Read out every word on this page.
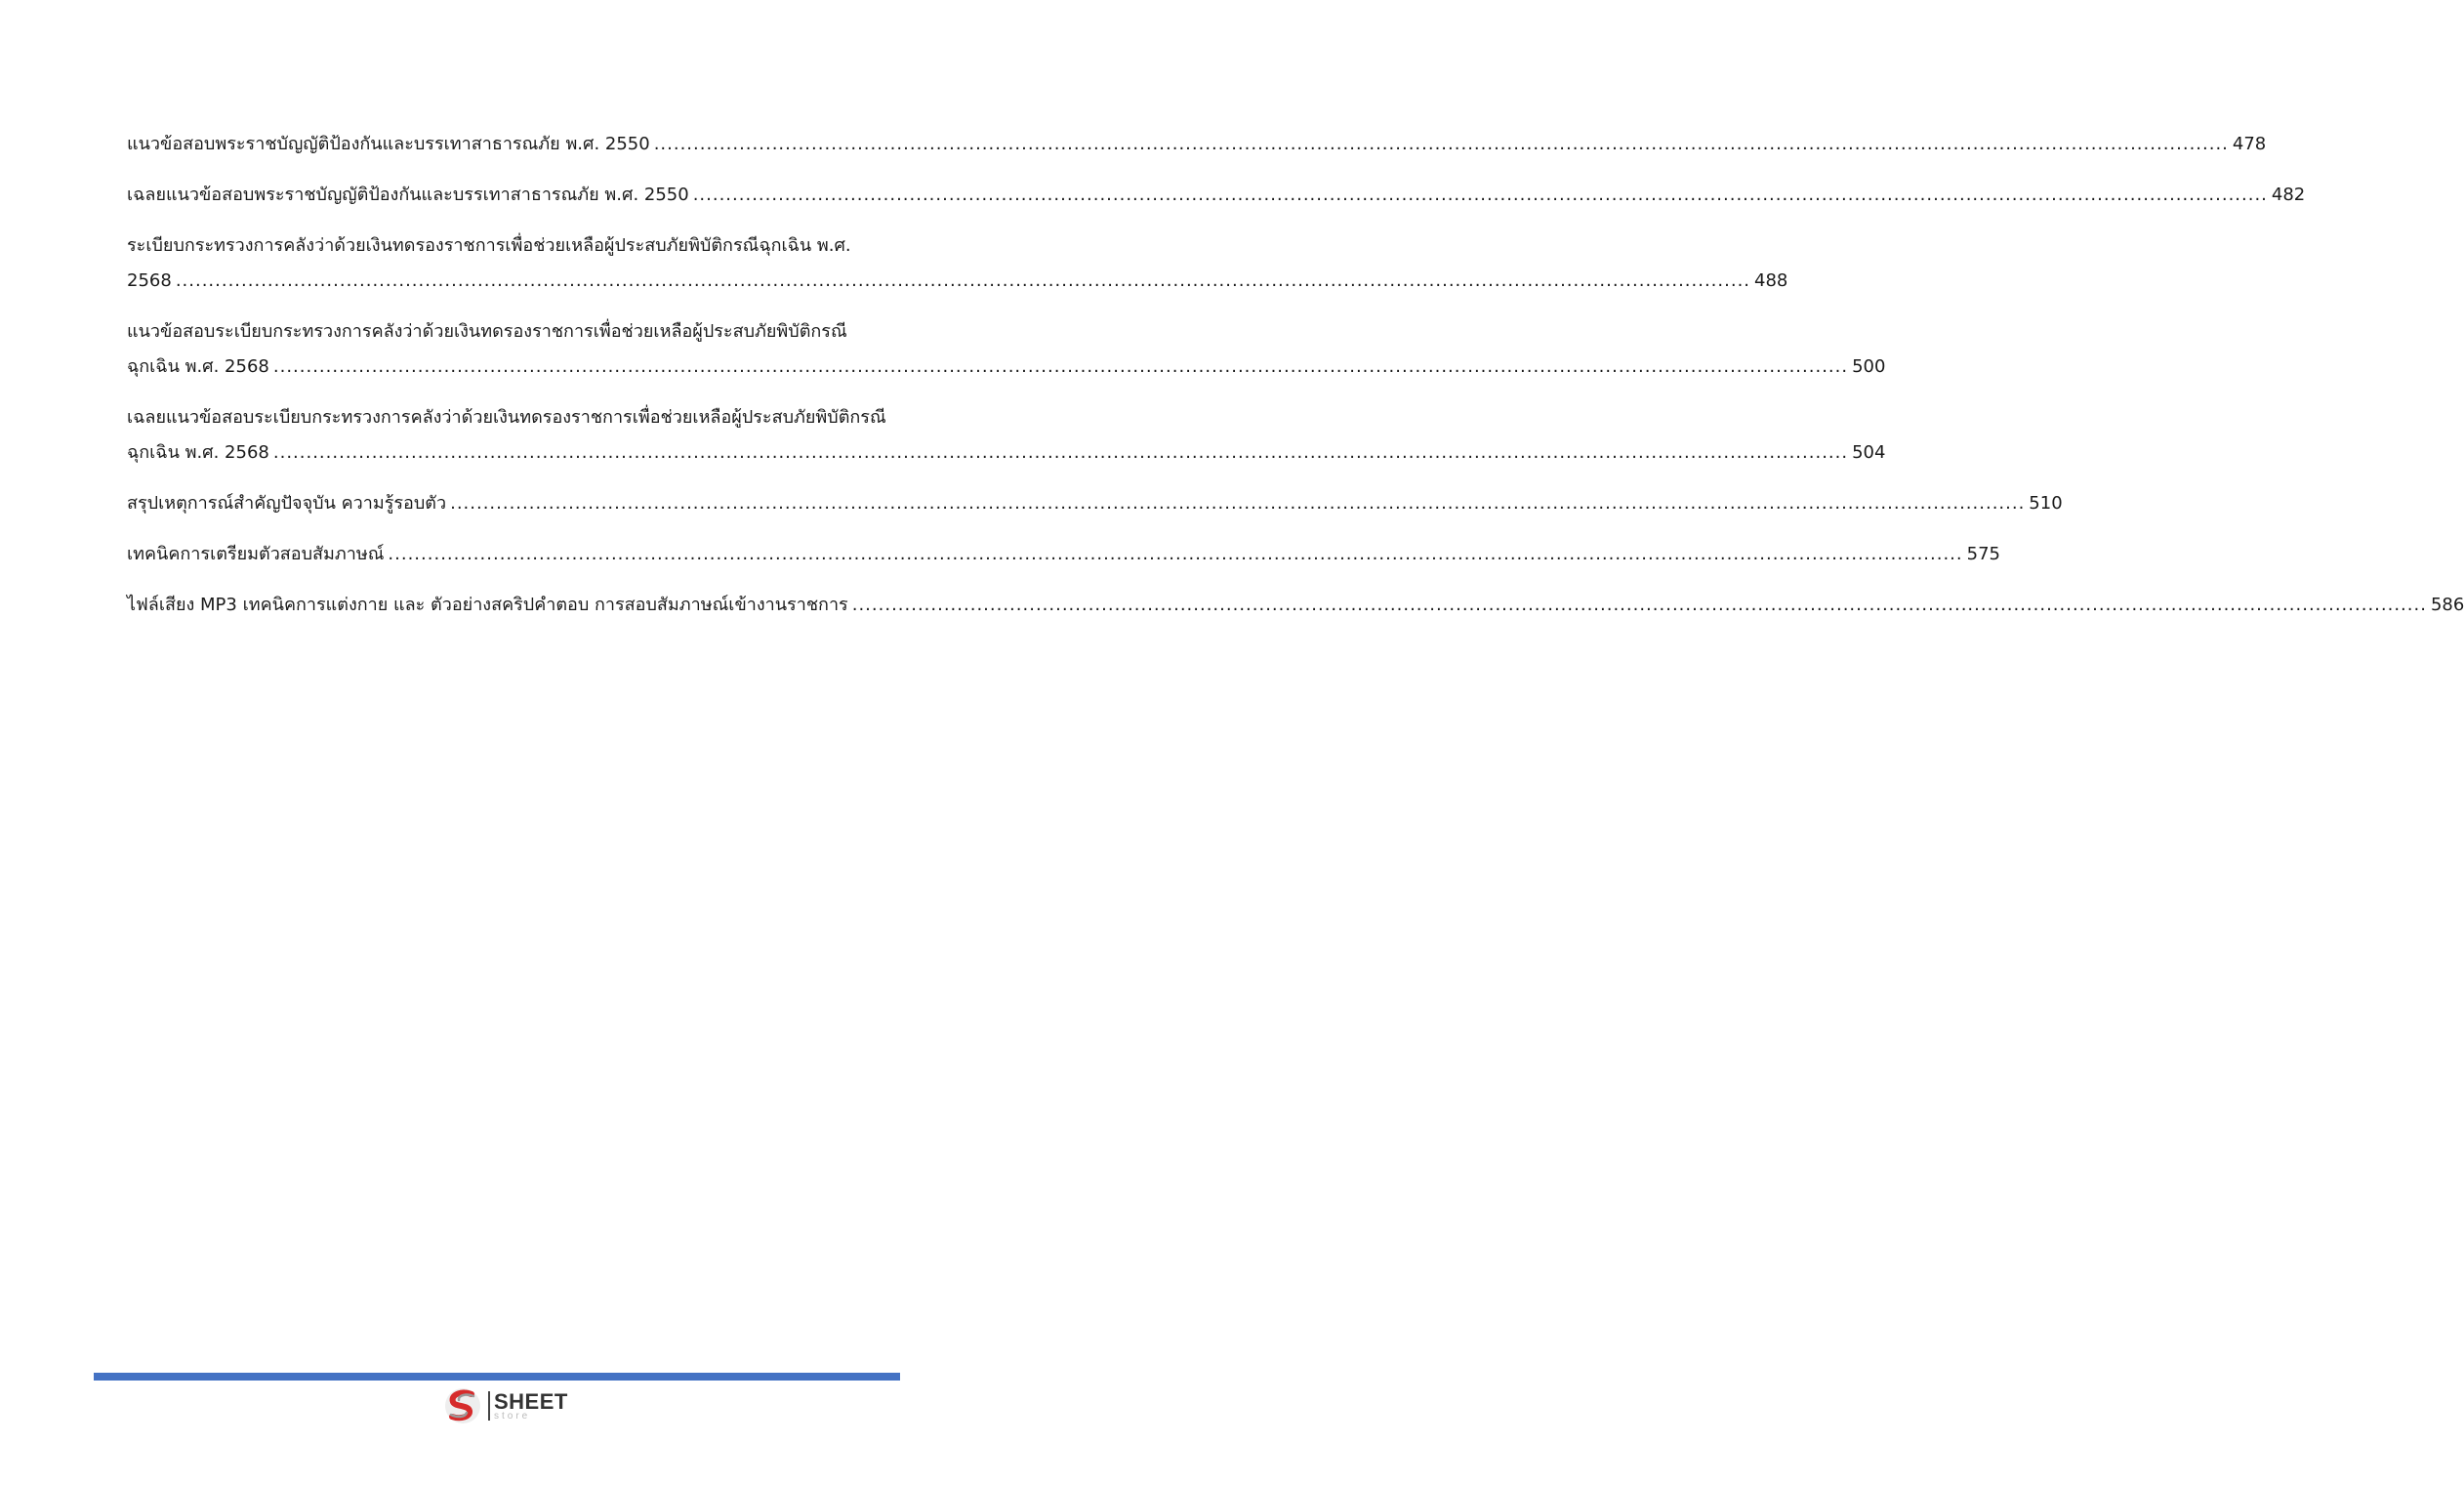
แนวข้อสอบพระราชบัญญัติป้องกันและบรรเทาสาธารณภัย พ.ศ. 2550 .....	478
เฉลยแนวข้อสอบพระราชบัญญัติป้องกันและบรรเทาสาธารณภัย พ.ศ. 2550 .....	482
ระเบียบกระทรวงการคลังว่าด้วยเงินทดรองราชการเพื่อช่วยเหลือผู้ประสบภัยพิบัติกรณีฉุกเฉิน พ.ศ.
2568 .....	488
แนวข้อสอบระเบียบกระทรวงการคลังว่าด้วยเงินทดรองราชการเพื่อช่วยเหลือผู้ประสบภัยพิบัติกรณี
ฉุกเฉิน พ.ศ. 2568 .....	500
เฉลยแนวข้อสอบระเบียบกระทรวงการคลังว่าด้วยเงินทดรองราชการเพื่อช่วยเหลือผู้ประสบภัยพิบัติกรณี
ฉุกเฉิน พ.ศ. 2568 .....	504
สรุปเหตุการณ์สำคัญปัจจุบัน ความรู้รอบตัว .....	510
เทคนิคการเตรียมตัวสอบสัมภาษณ์ .....	575
ไฟล์เสียง MP3 เทคนิคการแต่งกาย และ ตัวอย่างสคริปคำตอบ การสอบสัมภาษณ์เข้างานราชการ .....	586
SHEET
store
